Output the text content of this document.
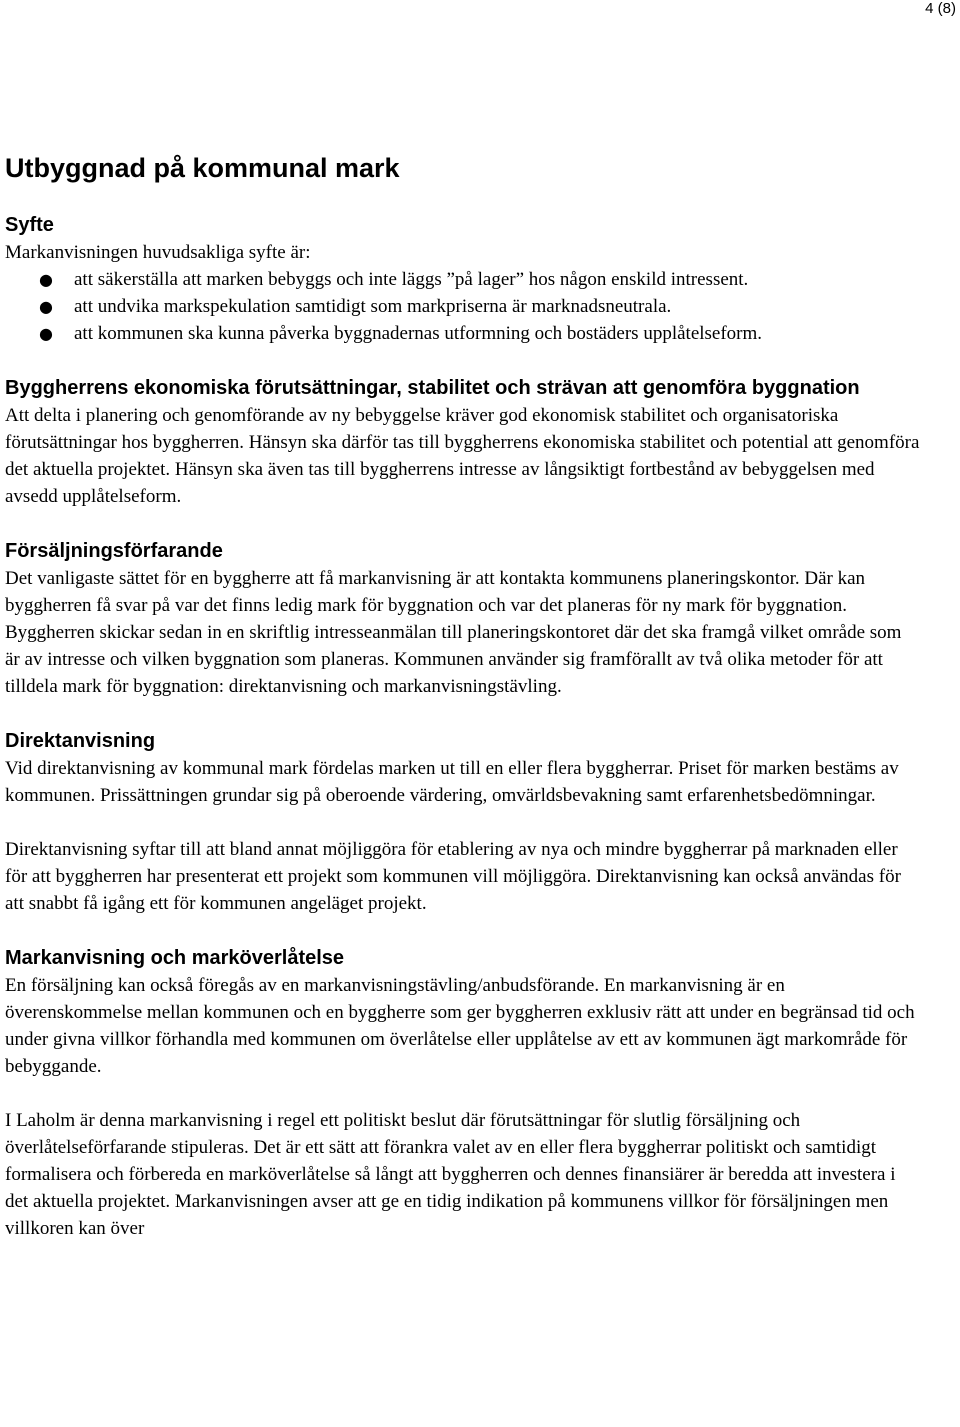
4 (8)
Utbyggnad på kommunal mark
Syfte

Markanvisningen huvudsakliga syfte är:

● att säkerställa att marken bebyggs och inte läggs ”på lager” hos någon enskild intressent.
● att undvika markspekulation samtidigt som markpriserna är marknadsneutrala.
● att kommunen ska kunna påverka byggnadernas utformning och bostäders upplåtelseform.
Byggherrens ekonomiska förutsättningar, stabilitet och strävan att genomföra byggnation

Att delta i planering och genomförande av ny bebyggelse kräver god ekonomisk stabilitet och organisatoriska förutsättningar hos byggherren. Hänsyn ska därför tas till byggherrens ekonomiska stabilitet och potential att genomföra det aktuella projektet. Hänsyn ska även tas till byggherrens intresse av långsiktigt fortbestånd av bebyggelsen med avsedd upplåtelseform.

Försäljningsförfarande

Det vanligaste sättet för en byggherre att få markanvisning är att kontakta kommunens planeringskontor. Där kan byggherren få svar på var det finns ledig mark för byggnation och var det planeras för ny mark för byggnation. Byggherren skickar sedan in en skriftlig intresseanmälan till planeringskontoret där det ska framgå vilket område som är av intresse och vilken byggnation som planeras. Kommunen använder sig framförallt av två olika metoder för att tilldela mark för byggnation: direktanvisning och markanvisningstävling.

Direktanvisning

Vid direktanvisning av kommunal mark fördelas marken ut till en eller flera byggherrar. Priset för marken bestäms av kommunen. Prissättningen grundar sig på oberoende värdering, omvärldsbevakning samt erfarenhetsbedömningar.

Direktanvisning syftar till att bland annat möjliggöra för etablering av nya och mindre byggherrar på marknaden eller för att byggherren har presenterat ett projekt som kommunen vill möjliggöra. Direktanvisning kan också användas för att snabbt få igång ett för kommunen angeläget projekt.

Markanvisning och marköverlåtelse

En försäljning kan också föregås av en markanvisningstävling/anbudsförande. En markanvisning är en överenskommelse mellan kommunen och en byggherre som ger byggherren exklusiv rätt att under en begränsad tid och under givna villkor förhandla med kommunen om överlåtelse eller upplåtelse av ett av kommunen ägt markområde för bebyggande.

I Laholm är denna markanvisning i regel ett politiskt beslut där förutsättningar för slutlig försäljning och överlåtelseförfarande stipuleras. Det är ett sätt att förankra valet av en eller flera byggherrar politiskt och samtidigt formalisera och förbereda en marköverlåtelse så långt att byggherren och dennes finansiärer är beredda att investera i det aktuella projektet. Markanvisningen avser att ge en tidig indikation på kommunens villkor för försäljningen men villkoren kan över
